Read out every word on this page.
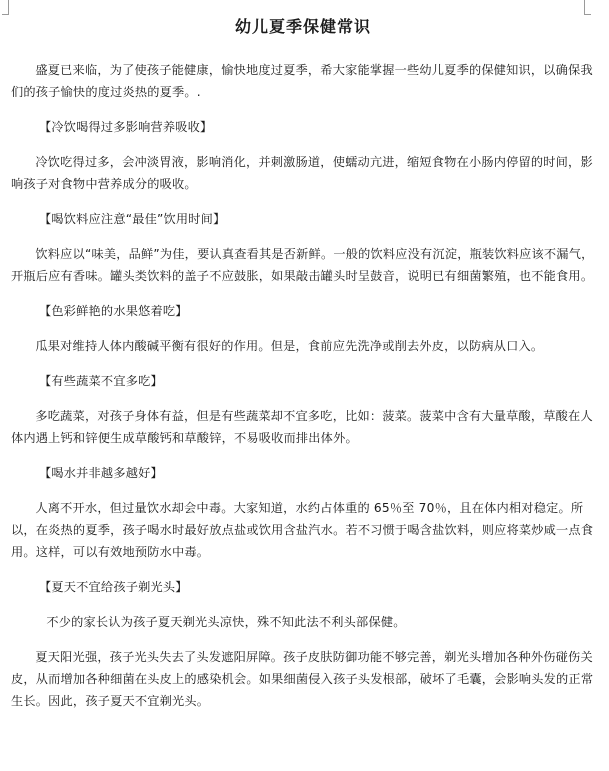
幼儿夏季保健常识

盛夏已来临，为了使孩子能健康，愉快地度过夏季，希大家能掌握一些幼儿夏季的保健知识，以确保我们的孩子愉快的度过炎热的夏季。.

【冷饮喝得过多影响营养吸收】

冷饮吃得过多，会冲淡胃液，影响消化，并刺激肠道，使蠕动亢进，缩短食物在小肠内停留的时间，影响孩子对食物中营养成分的吸收。

【喝饮料应注意“最佳”饮用时间】

饮料应以“味美，品鲜”为佳，要认真查看其是否新鲜。一般的饮料应没有沉淀，瓶装饮料应该不漏气，开瓶后应有香味。罐头类饮料的盖子不应鼓胀，如果敲击罐头时呈鼓音，说明已有细菌繁殖，也不能食用。

【色彩鲜艳的水果悠着吃】

瓜果对维持人体内酸碱平衡有很好的作用。但是，食前应先洗净或削去外皮，以防病从口入。

【有些蔬菜不宜多吃】

多吃蔬菜，对孩子身体有益，但是有些蔬菜却不宜多吃，比如：菠菜。菠菜中含有大量草酸，草酸在人体内遇上钙和锌便生成草酸钙和草酸锌，不易吸收而排出体外。

【喝水并非越多越好】

人离不开水，但过量饮水却会中毒。大家知道，水约占体重的 65％至 70％，且在体内相对稳定。所以，在炎热的夏季，孩子喝水时最好放点盐或饮用含盐汽水。若不习惯于喝含盐饮料，则应将菜炒咸一点食用。这样，可以有效地预防水中毒。

【夏天不宜给孩子剃光头】

不少的家长认为孩子夏天剃光头凉快，殊不知此法不利头部保健。

夏天阳光强，孩子光头失去了头发遮阳屏障。孩子皮肤防御功能不够完善，剃光头增加各种外伤碰伤关皮，从而增加各种细菌在头皮上的感染机会。如果细菌侵入孩子头发根部，破坏了毛囊，会影响头发的正常生长。因此，孩子夏天不宜剃光头。
